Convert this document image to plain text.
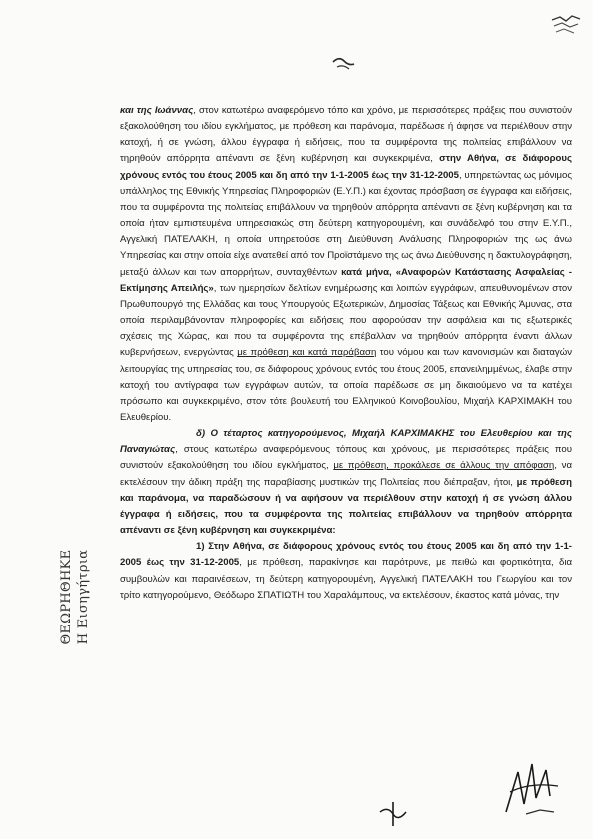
και της Ιωάννας, στον κατωτέρω αναφερόμενο τόπο και χρόνο, με περισσότερες πράξεις που συνιστούν εξακολούθηση του ιδίου εγκλήματος, με πρόθεση και παράνομα, παρέδωσε ή άφησε να περιέλθουν στην κατοχή, ή σε γνώση, άλλου έγγραφα ή ειδήσεις, που τα συμφέροντα της πολιτείας επιβάλλουν να τηρηθούν απόρρητα απέναντι σε ξένη κυβέρνηση και συγκεκριμένα, στην Αθήνα, σε διάφορους χρόνους εντός του έτους 2005 και δη από την 1-1-2005 έως την 31-12-2005, υπηρετώντας ως μόνιμος υπάλληλος της Εθνικής Υπηρεσίας Πληροφοριών (Ε.Υ.Π.) και έχοντας πρόσβαση σε έγγραφα και ειδήσεις, που τα συμφέροντα της πολιτείας επιβάλλουν να τηρηθούν απόρρητα απέναντι σε ξένη κυβέρνηση και τα οποία ήταν εμπιστευμένα υπηρεσιακώς στη δεύτερη κατηγορουμένη, και συνάδελφό του στην Ε.Υ.Π., Αγγελική ΠΑΤΕΛΑΚΗ, η οποία υπηρετούσε στη Διεύθυνση Ανάλυσης Πληροφοριών της ως άνω Υπηρεσίας και στην οποία είχε ανατεθεί από τον Προϊστάμενο της ως άνω Διεύθυνσης η δακτυλογράφηση, μεταξύ άλλων και των απορρήτων, συνταχθέντων κατά μήνα, «Αναφορών Κατάστασης Ασφαλείας - Εκτίμησης Απειλής», των ημερησίων δελτίων ενημέρωσης και λοιπών εγγράφων, απευθυνομένων στον Πρωθυπουργό της Ελλάδας και τους Υπουργούς Εξωτερικών, Δημοσίας Τάξεως και Εθνικής Άμυνας, στα οποία περιλαμβάνονταν πληροφορίες και ειδήσεις που αφορούσαν την ασφάλεια και τις εξωτερικές σχέσεις της Χώρας, και που τα συμφέροντα της επέβαλλαν να τηρηθούν απόρρητα έναντι άλλων κυβερνήσεων, ενεργώντας με πρόθεση και κατά παράβαση του νόμου και των κανονισμών και διαταγών λειτουργίας της υπηρεσίας του, σε διάφορους χρόνους εντός του έτους 2005, επανειλημμένως, έλαβε στην κατοχή του αντίγραφα των εγγράφων αυτών, τα οποία παρέδωσε σε μη δικαιούμενο να τα κατέχει πρόσωπο και συγκεκριμένο, στον τότε βουλευτή του Ελληνικού Κοινοβουλίου, Μιχαήλ ΚΑΡΧΙΜΑΚΗ του Ελευθερίου.

δ) Ο τέταρτος κατηγορούμενος, Μιχαήλ ΚΑΡΧΙΜΑΚΗΣ του Ελευθερίου και της Παναγιώτας, στους κατωτέρω αναφερόμενους τόπους και χρόνους, με περισσότερες πράξεις που συνιστούν εξακολούθηση του ιδίου εγκλήματος, με πρόθεση, προκάλεσε σε άλλους την απόφαση, να εκτελέσουν την άδικη πράξη της παραβίασης μυστικών της Πολιτείας που διέπραξαν, ήτοι, με πρόθεση και παράνομα, να παραδώσουν ή να αφήσουν να περιέλθουν στην κατοχή ή σε γνώση άλλου έγγραφα ή ειδήσεις, που τα συμφέροντα της πολιτείας επιβάλλουν να τηρηθούν απόρρητα απέναντι σε ξένη κυβέρνηση και συγκεκριμένα:

1) Στην Αθήνα, σε διάφορους χρόνους εντός του έτους 2005 και δη από την 1-1-2005 έως την 31-12-2005, με πρόθεση, παρακίνησε και παρότρυνε, με πειθώ και φορτικότητα, δια συμβουλών και παραινέσεων, τη δεύτερη κατηγορουμένη, Αγγελική ΠΑΤΕΛΑΚΗ του Γεωργίου και τον τρίτο κατηγορούμενο, Θεόδωρο ΣΠΑΤΙΩΤΗ του Χαραλάμπους, να εκτελέσουν, έκαστος κατά μόνας, την

ΘΕΩΡΗΘΗΚΕ Η Εισηγήτρια
